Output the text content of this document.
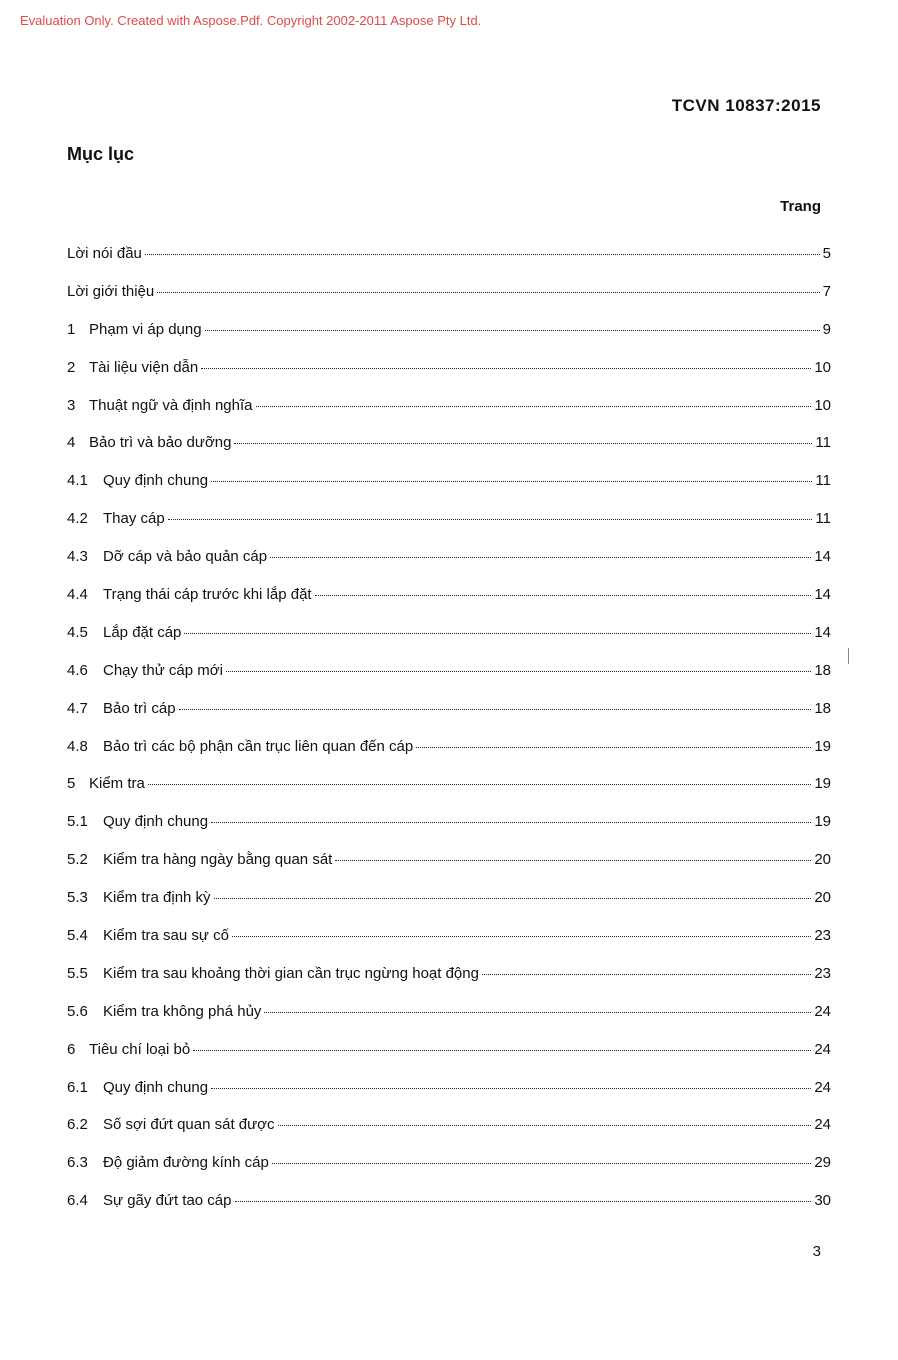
Evaluation Only. Created with Aspose.Pdf. Copyright 2002-2011 Aspose Pty Ltd.
TCVN 10837:2015
Mục lục
Trang
Lời nói đầu	5
Lời giới thiệu	7
1 Phạm vi áp dụng	9
2 Tài liệu viện dẫn	10
3 Thuật ngữ và định nghĩa	10
4 Bảo trì và bảo dưỡng	11
4.1	Quy định chung	11
4.2	Thay cáp	11
4.3	Dỡ cáp và bảo quản cáp	14
4.4	Trạng thái cáp trước khi lắp đặt	14
4.5	Lắp đặt cáp	14
4.6	Chạy thử cáp mới	18
4.7	Bảo trì cáp	18
4.8	Bảo trì các bộ phận cần trục liên quan đến cáp	19
5 Kiểm tra	19
5.1	Quy định chung	19
5.2	Kiểm tra hàng ngày bằng quan sát	20
5.3	Kiểm tra định kỳ	20
5.4	Kiểm tra sau sự cố	23
5.5	Kiểm tra sau khoảng thời gian cần trục ngừng hoạt động	23
5.6	Kiểm tra không phá hủy	24
6 Tiêu chí loại bỏ	24
6.1	Quy định chung	24
6.2	Số sợi đứt quan sát được	24
6.3	Độ giảm đường kính cáp	29
6.4	Sự gãy đứt tao cáp	30
3
